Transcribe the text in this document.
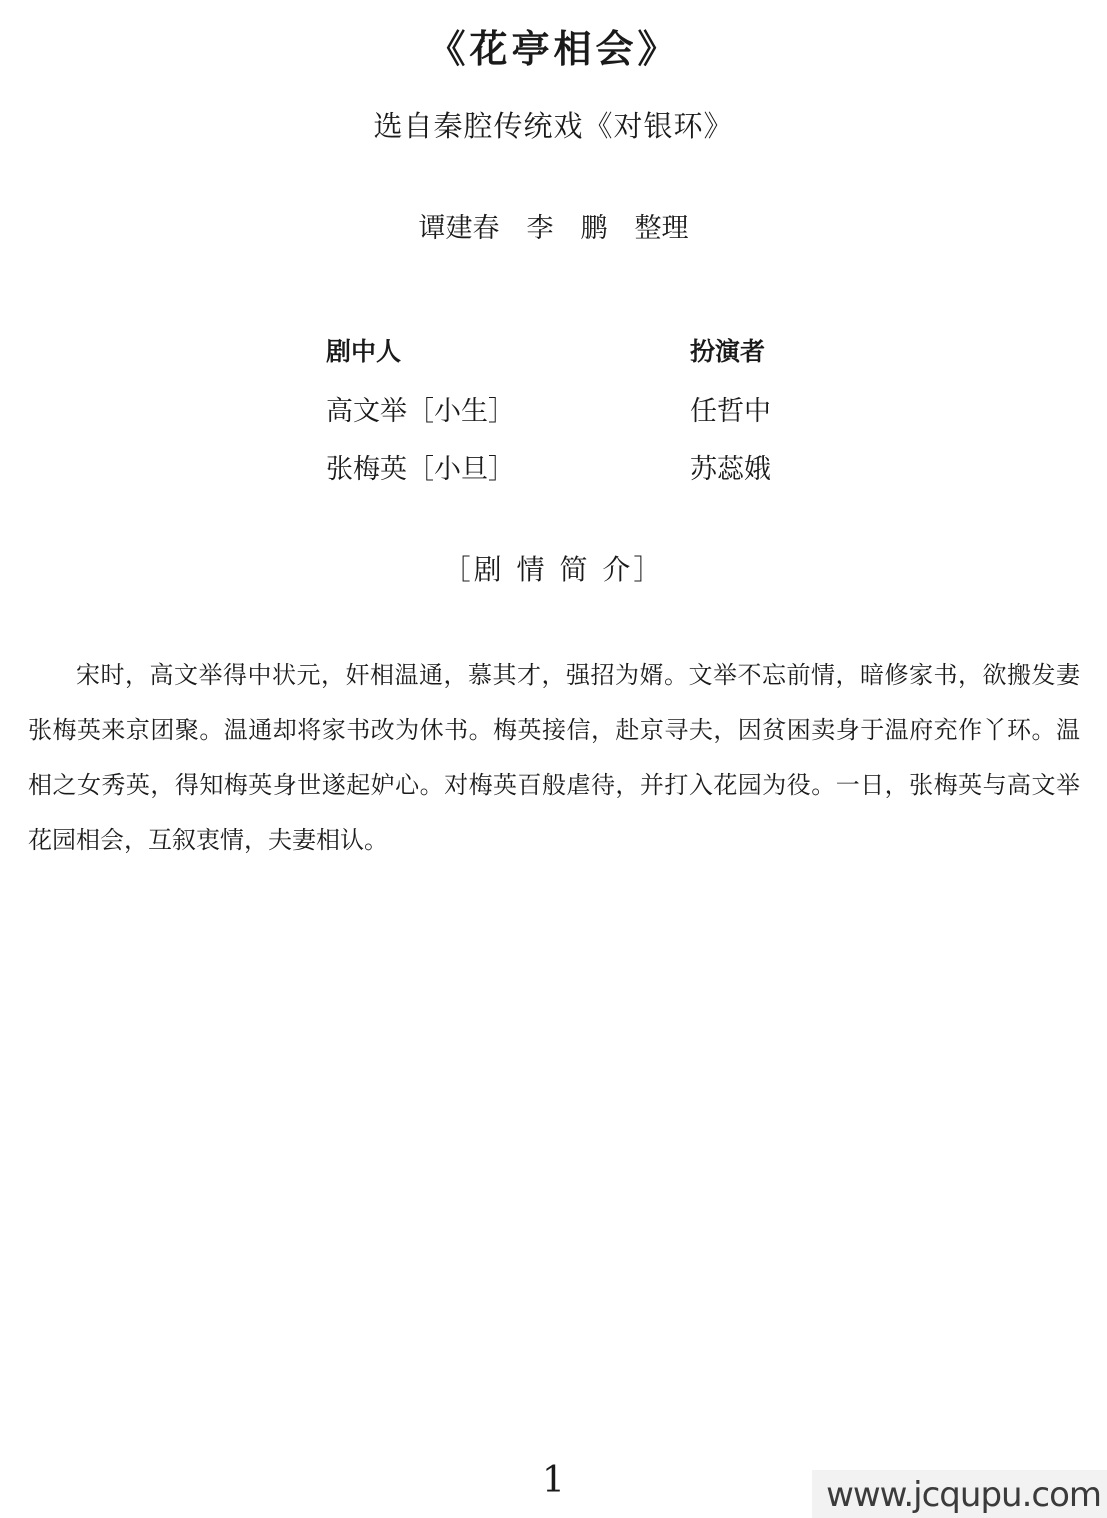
《花亭相会》
选自秦腔传统戏《对银环》
谭建春　李　鹏　整理
剧中人	扮演者
高文举［小生］	任哲中
张梅英［小旦］	苏蕊娥
［剧 情 简 介］
宋时，高文举得中状元，奸相温通，慕其才，强招为婿。文举不忘前情，暗修家书，欲搬发妻
张梅英来京团聚。温通却将家书改为休书。梅英接信，赴京寻夫，因贫困卖身于温府充作丫环。温
相之女秀英，得知梅英身世遂起妒心。对梅英百般虐待，并打入花园为役。一日，张梅英与高文举
花园相会，互叙衷情，夫妻相认。
1	www.jcqupu.com
